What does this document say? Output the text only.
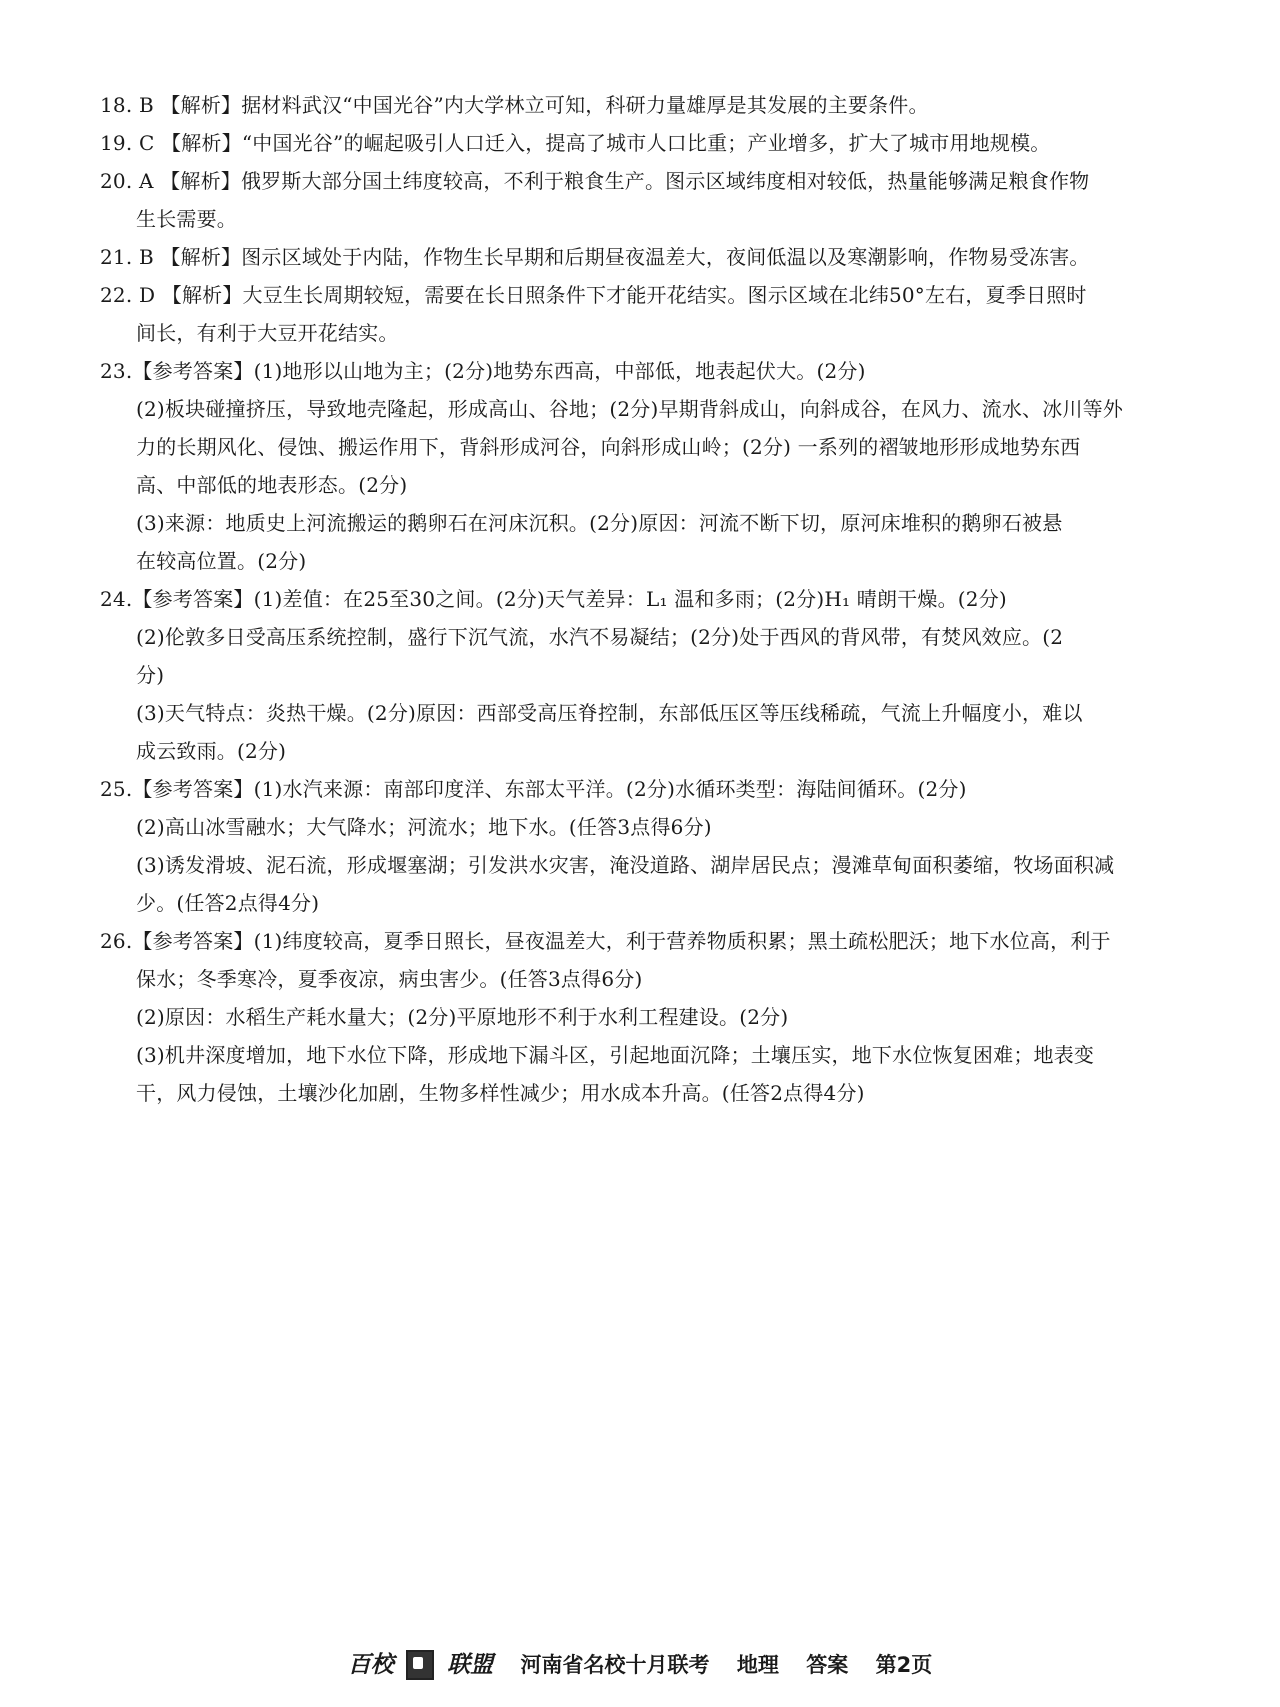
18. B 【解析】据材料武汉“中国光谷”内大学林立可知，科研力量雄厚是其发展的主要条件。
19. C 【解析】“中国光谷”的崛起吸引人口迁入，提高了城市人口比重；产业增多，扩大了城市用地规模。
20. A 【解析】俄罗斯大部分国土纬度较高，不利于粮食生产。图示区域纬度相对较低，热量能够满足粮食作物
生长需要。
21. B 【解析】图示区域处于内陆，作物生长早期和后期昼夜温差大，夜间低温以及寒潮影响，作物易受冻害。
22. D 【解析】大豆生长周期较短，需要在长日照条件下才能开花结实。图示区域在北纬50°左右，夏季日照时
间长，有利于大豆开花结实。
23.【参考答案】(1)地形以山地为主；(2分)地势东西高，中部低，地表起伏大。(2分)
(2)板块碰撞挤压，导致地壳隆起，形成高山、谷地；(2分)早期背斜成山，向斜成谷，在风力、流水、冰川等外
力的长期风化、侵蚀、搬运作用下，背斜形成河谷，向斜形成山岭；(2分) 一系列的褶皱地形形成地势东西
高、中部低的地表形态。(2分)
(3)来源：地质史上河流搬运的鹅卵石在河床沉积。(2分)原因：河流不断下切，原河床堆积的鹅卵石被悬
在较高位置。(2分)
24.【参考答案】(1)差值：在25至30之间。(2分)天气差异：L₁ 温和多雨；(2分)H₁ 晴朗干燥。(2分)
(2)伦敦多日受高压系统控制，盛行下沉气流，水汽不易凝结；(2分)处于西风的背风带，有焚风效应。(2
分)
(3)天气特点：炎热干燥。(2分)原因：西部受高压脊控制，东部低压区等压线稀疏，气流上升幅度小，难以
成云致雨。(2分)
25.【参考答案】(1)水汽来源：南部印度洋、东部太平洋。(2分)水循环类型：海陆间循环。(2分)
(2)高山冰雪融水；大气降水；河流水；地下水。(任答3点得6分)
(3)诱发滑坡、泥石流，形成堰塞湖；引发洪水灾害，淹没道路、湖岸居民点；漫滩草甸面积萎缩，牧场面积减
少。(任答2点得4分)
26.【参考答案】(1)纬度较高，夏季日照长，昼夜温差大，利于营养物质积累；黑土疏松肥沃；地下水位高，利于
保水；冬季寒冷，夏季夜凉，病虫害少。(任答3点得6分)
(2)原因：水稻生产耗水量大；(2分)平原地形不利于水利工程建设。(2分)
(3)机井深度增加，地下水位下降，形成地下漏斗区，引起地面沉降；土壤压实，地下水位恢复困难；地表变
干，风力侵蚀，土壤沙化加剧，生物多样性减少；用水成本升高。(任答2点得4分)
百校 联盟 河南省名校十月联考 地理 答案 第2页
